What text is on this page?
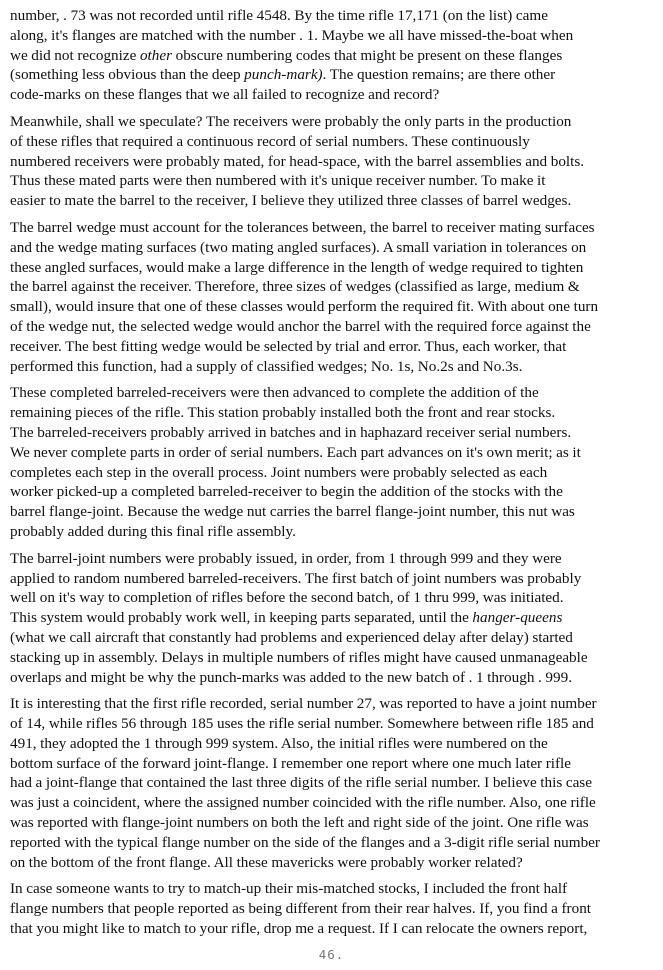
number, . 73 was not recorded until rifle 4548. By the time rifle 17,171 (on the list) came
along, it's flanges are matched with the number . 1. Maybe we all have missed-the-boat when
we did not recognize other obscure numbering codes that might be present on these flanges
(something less obvious than the deep punch-mark). The question remains; are there other
code-marks on these flanges that we all failed to recognize and record?

Meanwhile, shall we speculate? The receivers were probably the only parts in the production
of these rifles that required a continuous record of serial numbers. These continuously
numbered receivers were probably mated, for head-space, with the barrel assemblies and bolts.
Thus these mated parts were then numbered with it's unique receiver number. To make it
easier to mate the barrel to the receiver, I believe they utilized three classes of barrel wedges.

The barrel wedge must account for the tolerances between, the barrel to receiver mating surfaces
and the wedge mating surfaces (two mating angled surfaces). A small variation in tolerances on
these angled surfaces, would make a large difference in the length of wedge required to tighten
the barrel against the receiver. Therefore, three sizes of wedges (classified as large, medium &
small), would insure that one of these classes would perform the required fit. With about one turn
of the wedge nut, the selected wedge would anchor the barrel with the required force against the
receiver. The best fitting wedge would be selected by trial and error. Thus, each worker, that
performed this function, had a supply of classified wedges; No. 1s, No.2s and No.3s.

These completed barreled-receivers were then advanced to complete the addition of the
remaining pieces of the rifle. This station probably installed both the front and rear stocks.
The barreled-receivers probably arrived in batches and in haphazard receiver serial numbers.
We never complete parts in order of serial numbers. Each part advances on it's own merit; as it
completes each step in the overall process. Joint numbers were probably selected as each
worker picked-up a completed barreled-receiver to begin the addition of the stocks with the
barrel flange-joint. Because the wedge nut carries the barrel flange-joint number, this nut was
probably added during this final rifle assembly.

The barrel-joint numbers were probably issued, in order, from 1 through 999 and they were
applied to random numbered barreled-receivers. The first batch of joint numbers was probably
well on it's way to completion of rifles before the second batch, of 1 thru 999, was initiated.
This system would probably work well, in keeping parts separated, until the hanger-queens
(what we call aircraft that constantly had problems and experienced delay after delay) started
stacking up in assembly. Delays in multiple numbers of rifles might have caused unmanageable
overlaps and might be why the punch-marks was added to the new batch of . 1 through . 999.

It is interesting that the first rifle recorded, serial number 27, was reported to have a joint number
of 14, while rifles 56 through 185 uses the rifle serial number. Somewhere between rifle 185 and
491, they adopted the 1 through 999 system. Also, the initial rifles were numbered on the
bottom surface of the forward joint-flange. I remember one report where one much later rifle
had a joint-flange that contained the last three digits of the rifle serial number. I believe this case
was just a coincident, where the assigned number coincided with the rifle number. Also, one rifle
was reported with flange-joint numbers on both the left and right side of the joint. One rifle was
reported with the typical flange number on the side of the flanges and a 3-digit rifle serial number
on the bottom of the front flange. All these mavericks were probably worker related?

In case someone wants to try to match-up their mis-matched stocks, I included the front half
flange numbers that people reported as being different from their rear halves. If, you find a front
that you might like to match to your rifle, drop me a request. If I can relocate the owners report,

46.
